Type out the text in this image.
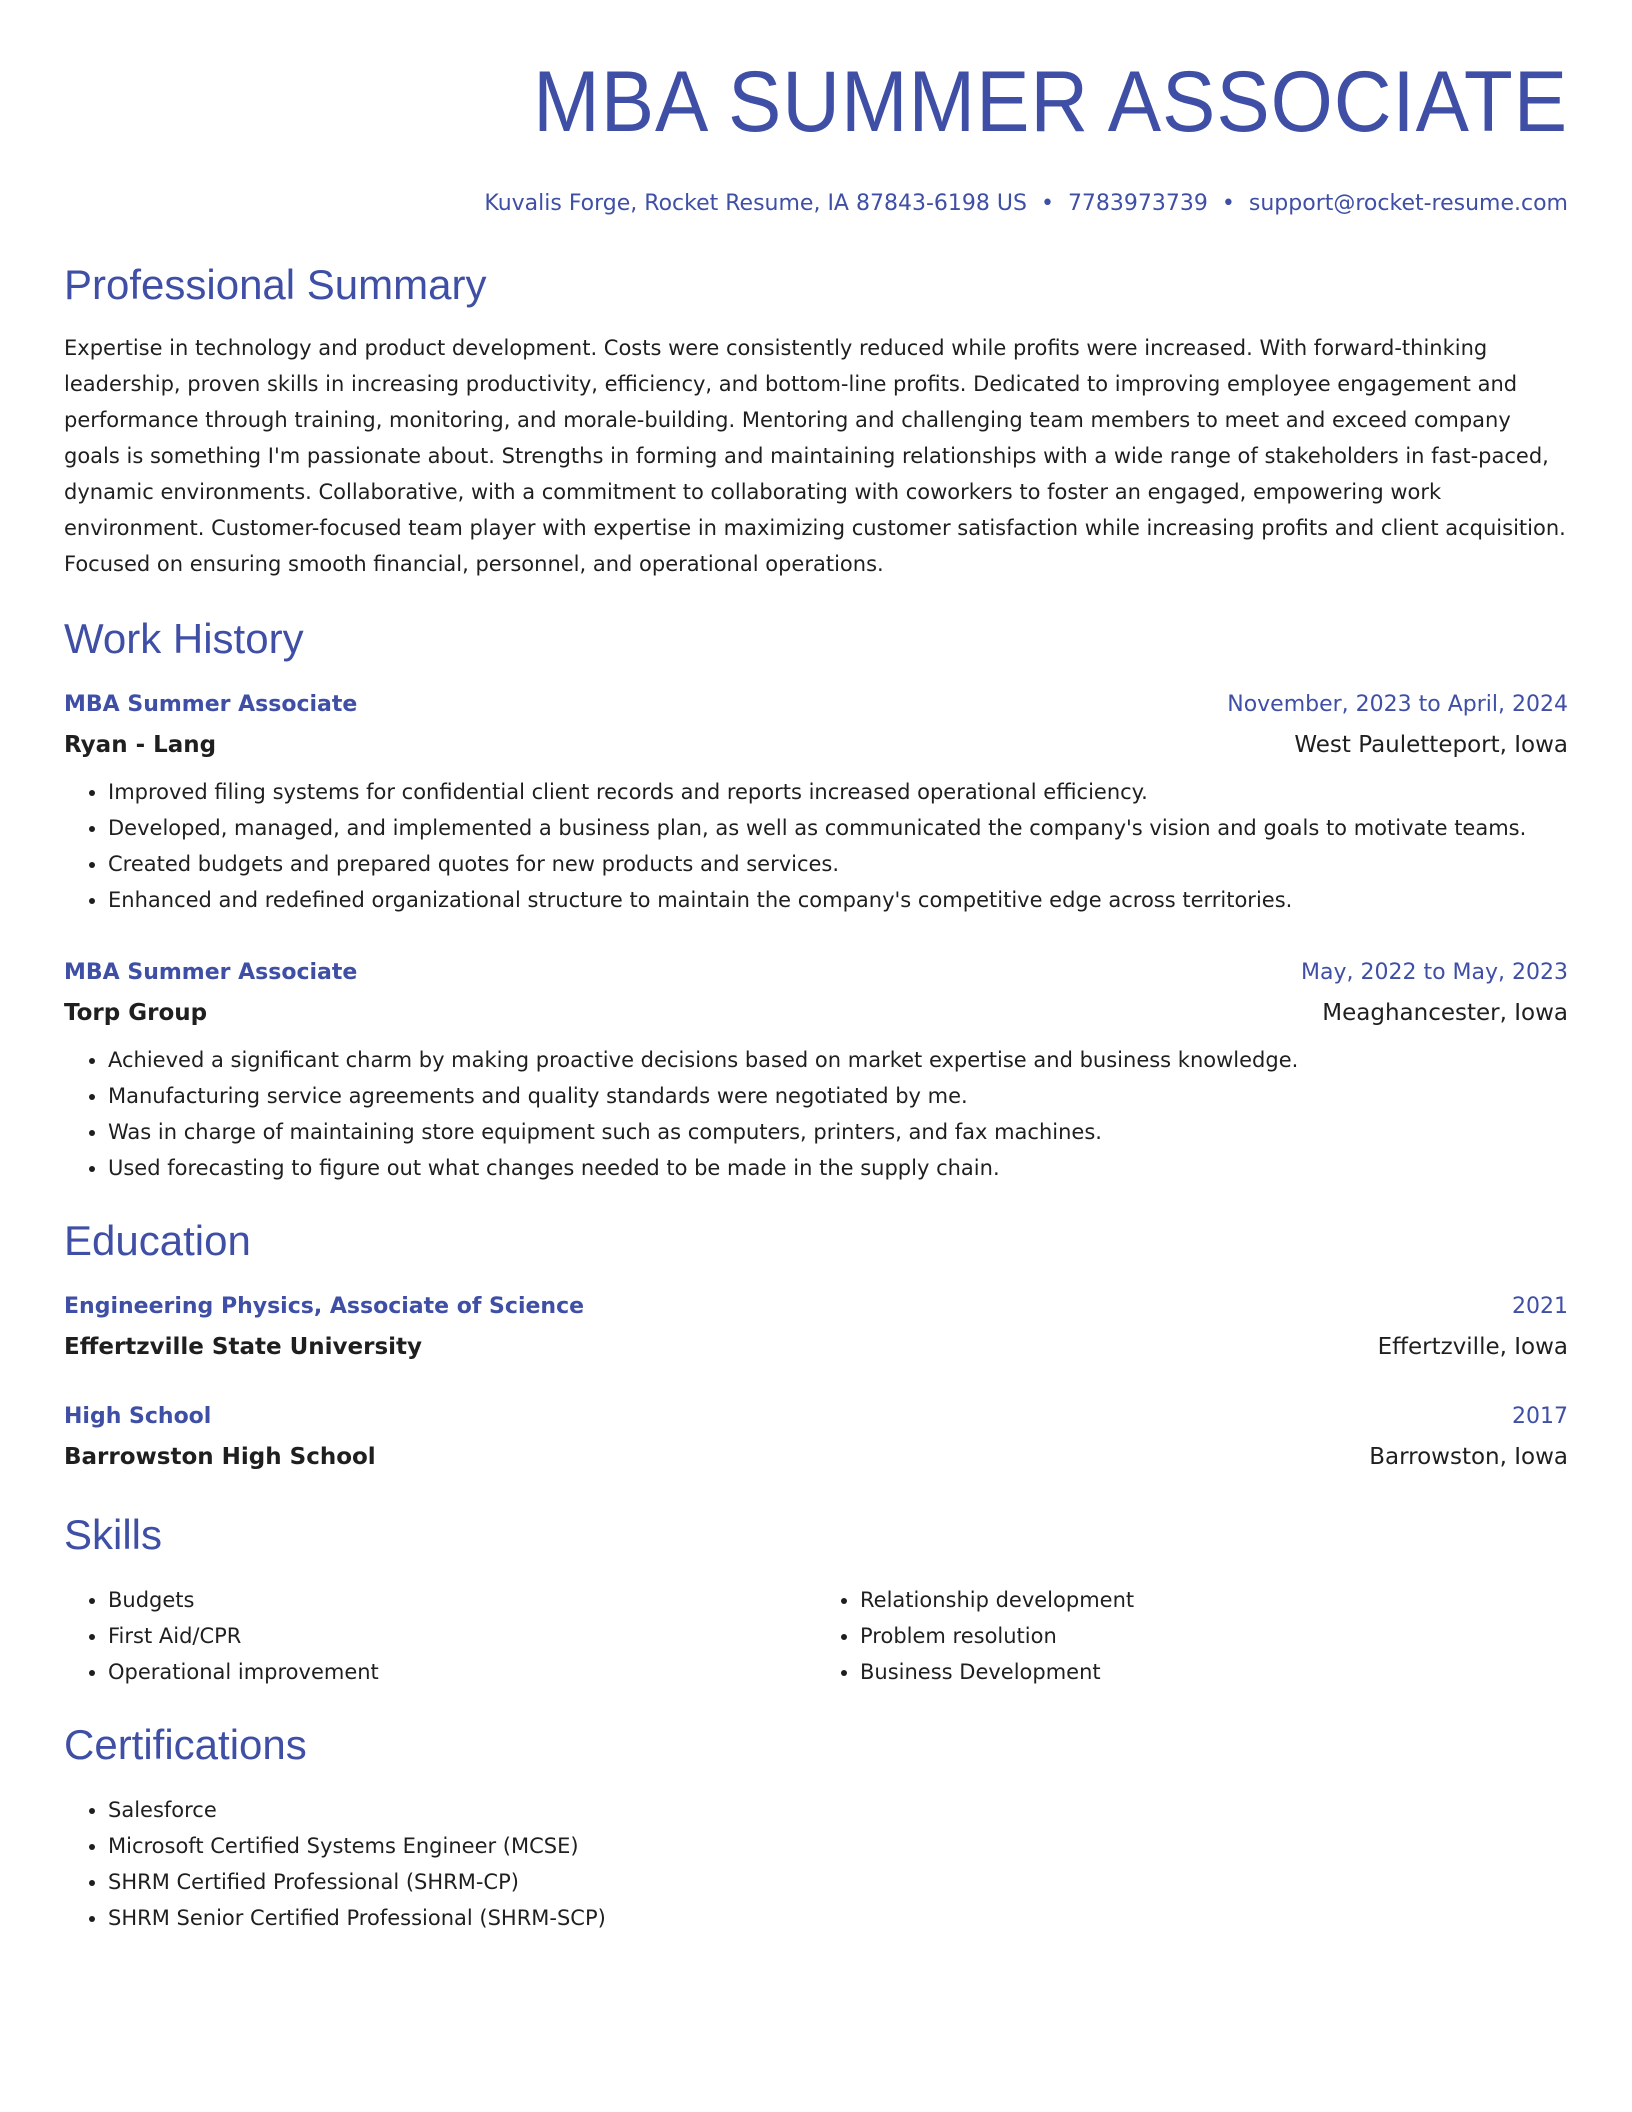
MBA SUMMER ASSOCIATE
Kuvalis Forge, Rocket Resume, IA 87843-6198 US • 7783973739 • support@rocket-resume.com
Professional Summary
Expertise in technology and product development. Costs were consistently reduced while profits were increased. With forward-thinking leadership, proven skills in increasing productivity, efficiency, and bottom-line profits. Dedicated to improving employee engagement and performance through training, monitoring, and morale-building. Mentoring and challenging team members to meet and exceed company goals is something I'm passionate about. Strengths in forming and maintaining relationships with a wide range of stakeholders in fast-paced, dynamic environments. Collaborative, with a commitment to collaborating with coworkers to foster an engaged, empowering work environment. Customer-focused team player with expertise in maximizing customer satisfaction while increasing profits and client acquisition. Focused on ensuring smooth financial, personnel, and operational operations.
Work History
MBA Summer Associate	November, 2023 to April, 2024
Ryan - Lang	West Pauletteport, Iowa
• Improved filing systems for confidential client records and reports increased operational efficiency.
• Developed, managed, and implemented a business plan, as well as communicated the company's vision and goals to motivate teams.
• Created budgets and prepared quotes for new products and services.
• Enhanced and redefined organizational structure to maintain the company's competitive edge across territories.
MBA Summer Associate	May, 2022 to May, 2023
Torp Group	Meaghancester, Iowa
• Achieved a significant charm by making proactive decisions based on market expertise and business knowledge.
• Manufacturing service agreements and quality standards were negotiated by me.
• Was in charge of maintaining store equipment such as computers, printers, and fax machines.
• Used forecasting to figure out what changes needed to be made in the supply chain.
Education
Engineering Physics, Associate of Science	2021
Effertzville State University	Effertzville, Iowa
High School	2017
Barrowston High School	Barrowston, Iowa
Skills
• Budgets
• First Aid/CPR
• Operational improvement
• Relationship development
• Problem resolution
• Business Development
Certifications
• Salesforce
• Microsoft Certified Systems Engineer (MCSE)
• SHRM Certified Professional (SHRM-CP)
• SHRM Senior Certified Professional (SHRM-SCP)
